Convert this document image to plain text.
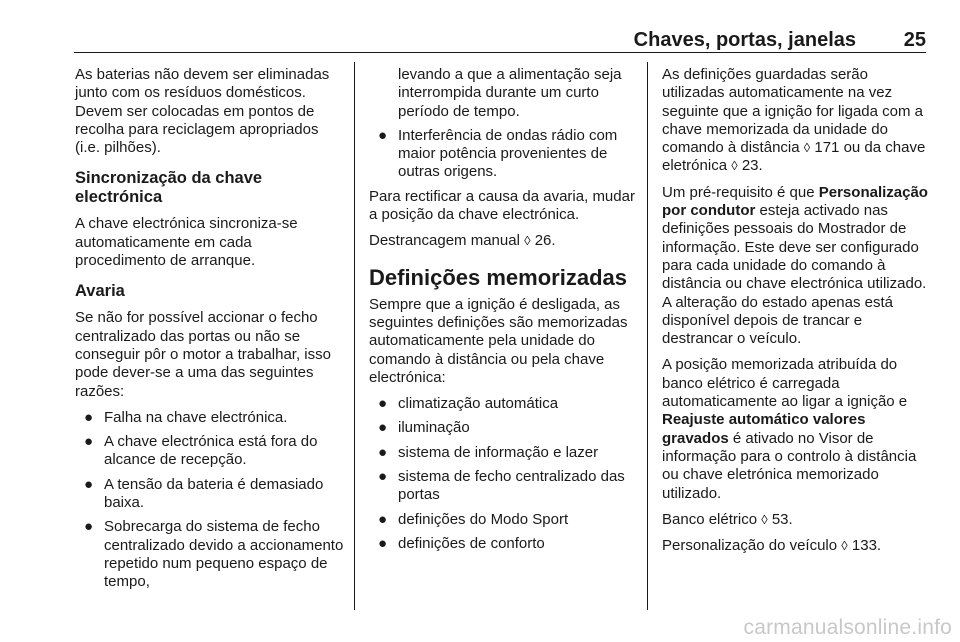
Chaves, portas, janelas 25

As baterias não devem ser eliminadas junto com os resíduos domésticos. Devem ser colocadas em pontos de recolha para reciclagem apropriados (i.e. pilhões).

Sincronização da chave electrónica

A chave electrónica sincroniza-se automaticamente em cada procedimento de arranque.

Avaria

Se não for possível accionar o fecho centralizado das portas ou não se conseguir pôr o motor a trabalhar, isso pode dever-se a uma das seguintes razões:

● Falha na chave electrónica.
● A chave electrónica está fora do alcance de recepção.
● A tensão da bateria é demasiado baixa.
● Sobrecarga do sistema de fecho centralizado devido a accionamento repetido num pequeno espaço de tempo,
levando a que a alimentação seja interrompida durante um curto período de tempo.
● Interferência de ondas rádio com maior potência provenientes de outras origens.

Para rectificar a causa da avaria, mudar a posição da chave electrónica.

Destrancagem manual ◊ 26.

Definições memorizadas

Sempre que a ignição é desligada, as seguintes definições são memorizadas automaticamente pela unidade do comando à distância ou pela chave electrónica:

● climatização automática
● iluminação
● sistema de informação e lazer
● sistema de fecho centralizado das portas
● definições do Modo Sport
● definições de conforto

As definições guardadas serão utilizadas automaticamente na vez seguinte que a ignição for ligada com a chave memorizada da unidade do comando à distância ◊ 171 ou da chave eletrónica ◊ 23.

Um pré-requisito é que Personalização por condutor esteja activado nas definições pessoais do Mostrador de informação. Este deve ser configurado para cada unidade do comando à distância ou chave electrónica utilizado. A alteração do estado apenas está disponível depois de trancar e destrancar o veículo.

A posição memorizada atribuída do banco elétrico é carregada automaticamente ao ligar a ignição e Reajuste automático valores gravados é ativado no Visor de informação para o controlo à distância ou chave eletrónica memorizado utilizado.

Banco elétrico ◊ 53.

Personalização do veículo ◊ 133.

carmanualsonline.info
